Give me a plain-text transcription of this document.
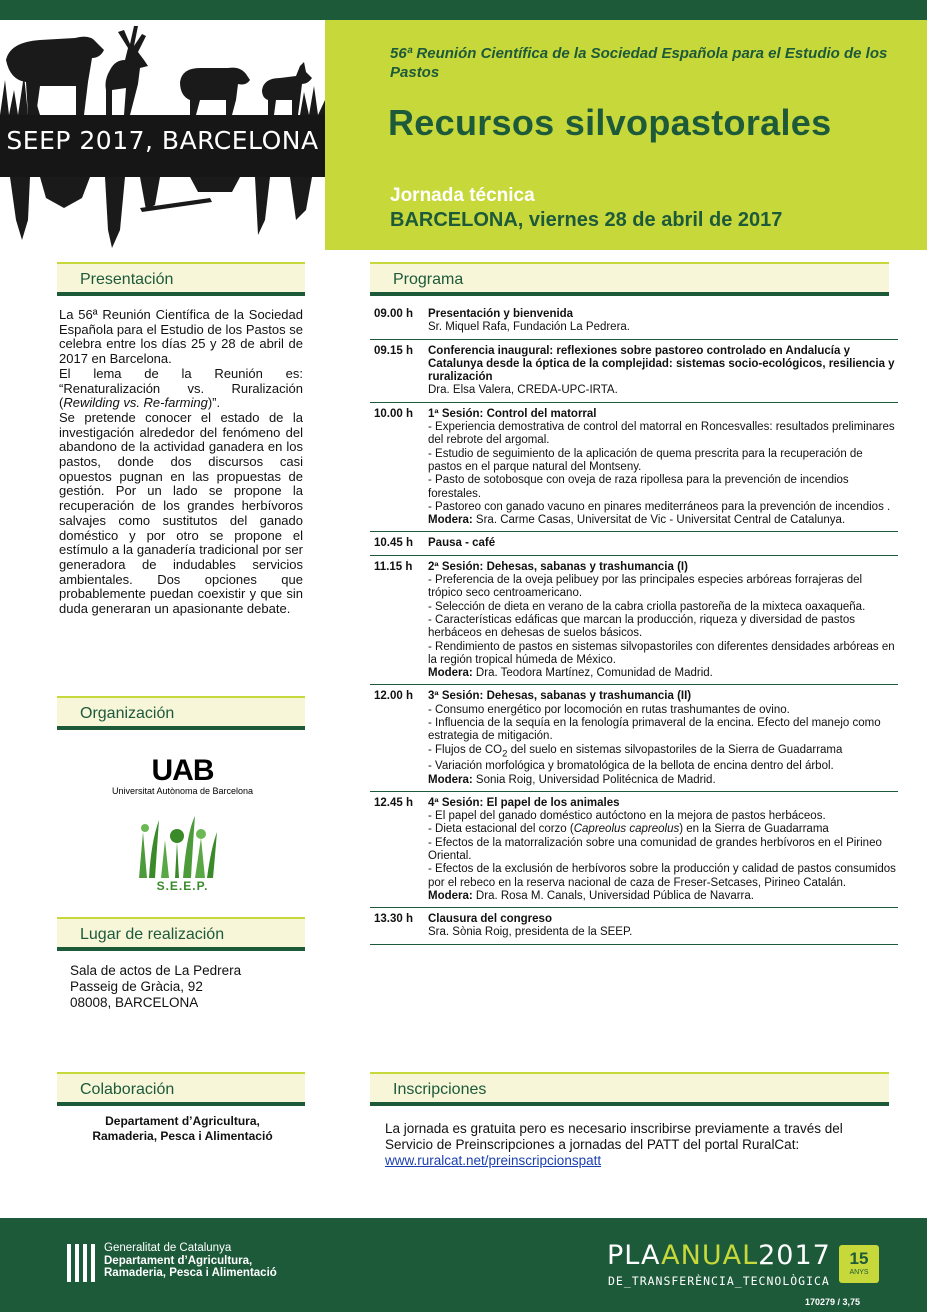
SEEP 2017, BARCELONA
56ª Reunión Científica de la Sociedad Española para el Estudio de los Pastos
Recursos silvopastorales
Jornada técnica
BARCELONA, viernes 28 de abril de 2017
Presentación

La 56ª Reunión Científica de la Sociedad Española para el Estudio de los Pastos se celebra entre los días 25 y 28 de abril de 2017 en Barcelona.

El lema de la Reunión es: “Renaturalización vs. Ruralización (Rewilding vs. Re-farming)”.

Se pretende conocer el estado de la investigación alrededor del fenómeno del abandono de la actividad ganadera en los pastos, donde dos discursos casi opuestos pugnan en las propuestas de gestión. Por un lado se propone la recuperación de los grandes herbívoros salvajes como sustitutos del ganado doméstico y por otro se propone el estímulo a la ganadería tradicional por ser generadora de indudables servicios ambientales. Dos opciones que probablemente puedan coexistir y que sin duda generaran un apasionante debate.

Organización
UAB
Universitat Autònoma de Barcelona
S.E.E.P.
Lugar de realización
Sala de actos de La Pedrera
Passeig de Gràcia, 92
08008, BARCELONA
Colaboración
Departament d’Agricultura,
Ramaderia, Pesca i Alimentació
Programa
09.00 h	Presentación y bienvenida
Sr. Miquel Rafa, Fundación La Pedrera.
09.15 h	Conferencia inaugural: reflexiones sobre pastoreo controlado en Andalucía y Catalunya desde la óptica de la complejidad: sistemas socio-ecológicos, resiliencia y ruralización
Dra. Elsa Valera, CREDA-UPC-IRTA.
10.00 h	1ª Sesión: Control del matorral
- Experiencia demostrativa de control del matorral en Roncesvalles: resultados preliminares del rebrote del argomal.
- Estudio de seguimiento de la aplicación de quema prescrita para la recuperación de pastos en el parque natural del Montseny.
- Pasto de sotobosque con oveja de raza ripollesa para la prevención de incendios forestales.
- Pastoreo con ganado vacuno en pinares mediterráneos para la prevención de incendios .
Modera: Sra. Carme Casas, Universitat de Vic - Universitat Central de Catalunya.
10.45 h	Pausa - café
11.15 h	2ª Sesión: Dehesas, sabanas y trashumancia (I)
- Preferencia de la oveja pelibuey por las principales especies arbóreas forrajeras del trópico seco centroamericano.
- Selección de dieta en verano de la cabra criolla pastoreña de la mixteca oaxaqueña.
- Características edáficas que marcan la producción, riqueza y diversidad de pastos herbáceos en dehesas de suelos básicos.
- Rendimiento de pastos en sistemas silvopastoriles con diferentes densidades arbóreas en la región tropical húmeda de México.
Modera: Dra. Teodora Martínez, Comunidad de Madrid.
12.00 h	3ª Sesión: Dehesas, sabanas y trashumancia (II)
- Consumo energético por locomoción en rutas trashumantes de ovino.
- Influencia de la sequía en la fenología primaveral de la encina. Efecto del manejo como estrategia de mitigación.
- Flujos de $CO_2$ del suelo en sistemas silvopastoriles de la Sierra de Guadarrama
- Variación morfológica y bromatológica de la bellota de encina dentro del árbol.
Modera: Sonia Roig, Universidad Politécnica de Madrid.
12.45 h	4ª Sesión: El papel de los animales
- El papel del ganado doméstico autóctono en la mejora de pastos herbáceos.
- Dieta estacional del corzo (Capreolus capreolus) en la Sierra de Guadarrama
- Efectos de la matorralización sobre una comunidad de grandes herbívoros en el Pirineo Oriental.
- Efectos de la exclusión de herbívoros sobre la producción y calidad de pastos consumidos por el rebeco en la reserva nacional de caza de Freser-Setcases, Pirineo Catalán.
Modera: Dra. Rosa M. Canals, Universidad Pública de Navarra.
13.30 h	Clausura del congreso
Sra. Sònia Roig, presidenta de la SEEP.
Inscripciones
La jornada es gratuita pero es necesario inscribirse previamente a través del Servicio de Preinscripciones a jornadas del PATT del portal RuralCat:
www.ruralcat.net/preinscripcionspatt
Generalitat de Catalunya
Departament d’Agricultura,
Ramaderia, Pesca i Alimentació
PLAANUAL2017
DE_TRANSFERÈNCIA_TECNOLÒGICA
15
ANYS
170279 / 3,75
